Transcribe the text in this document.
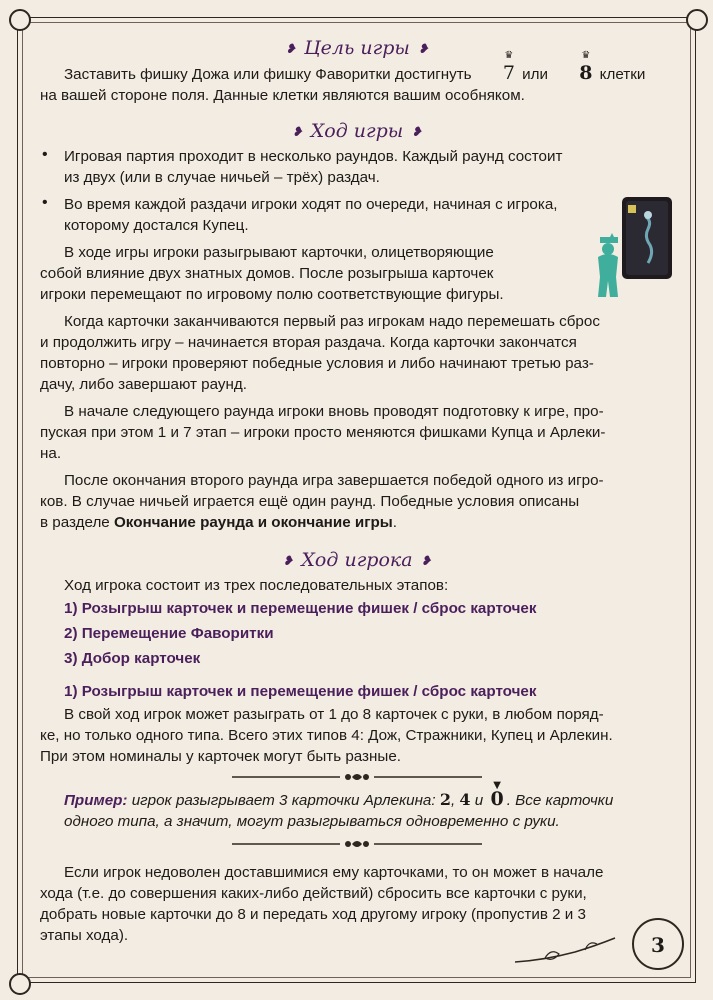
❥ Цель игры ❥

Заставить фишку Дожа или фишку Фаворитки достигнуть
♛
7 или
♛
8 клетки

на вашей стороне поля. Данные клетки являются вашим особняком.

❥ Ход игры ❥
• Игровая партия проходит в несколько раундов. Каждый раунд состоит

из двух (или в случае ничьей – трёх) раздач.

• Во время каждой раздачи игроки ходят по очереди, начиная с игрока,

которому достался Купец.

В ходе игры игроки разыгрывают карточки, олицетворяющие

собой влияние двух знатных домов. После розыгрыша карточек

игроки перемещают по игровому полю соответствующие фигуры.

Когда карточки заканчиваются первый раз игрокам надо перемешать сброс

и продолжить игру – начинается вторая раздача. Когда карточки закончатся

повторно – игроки проверяют победные условия и либо начинают третью раз-

дачу, либо завершают раунд.

В начале следующего раунда игроки вновь проводят подготовку к игре, про-

пуская при этом 1 и 7 этап – игроки просто меняются фишками Купца и Арлеки-

на.

После окончания второго раунда игра завершается победой одного из игро-

ков. В случае ничьей играется ещё один раунд. Победные условия описаны

в разделе Окончание раунда и окончание игры.

❥ Ход игрока ❥

Ход игрока состоит из трех последовательных этапов:

1) Розыгрыш карточек и перемещение фишек / сброс карточек
2) Перемещение Фаворитки
3) Добор карточек
1) Розыгрыш карточек и перемещение фишек / сброс карточек

В свой ход игрок может разыграть от 1 до 8 карточек с руки, в любом поряд-

ке, но только одного типа. Всего этих типов 4: Дож, Стражники, Купец и Арлекин.

При этом номиналы у карточек могут быть разные.

Пример: игрок разыгрывает 3 карточки Арлекина: 2, 4 и
▼
0 . Все карточки
одного типа, а значит, могут разыгрываться одновременно с руки.

Если игрок недоволен доставшимися ему карточками, то он может в начале

хода (т.е. до совершения каких-либо действий) сбросить все карточки с руки,

добрать новые карточки до 8 и передать ход другому игроку (пропустив 2 и 3

этапы хода).	3
